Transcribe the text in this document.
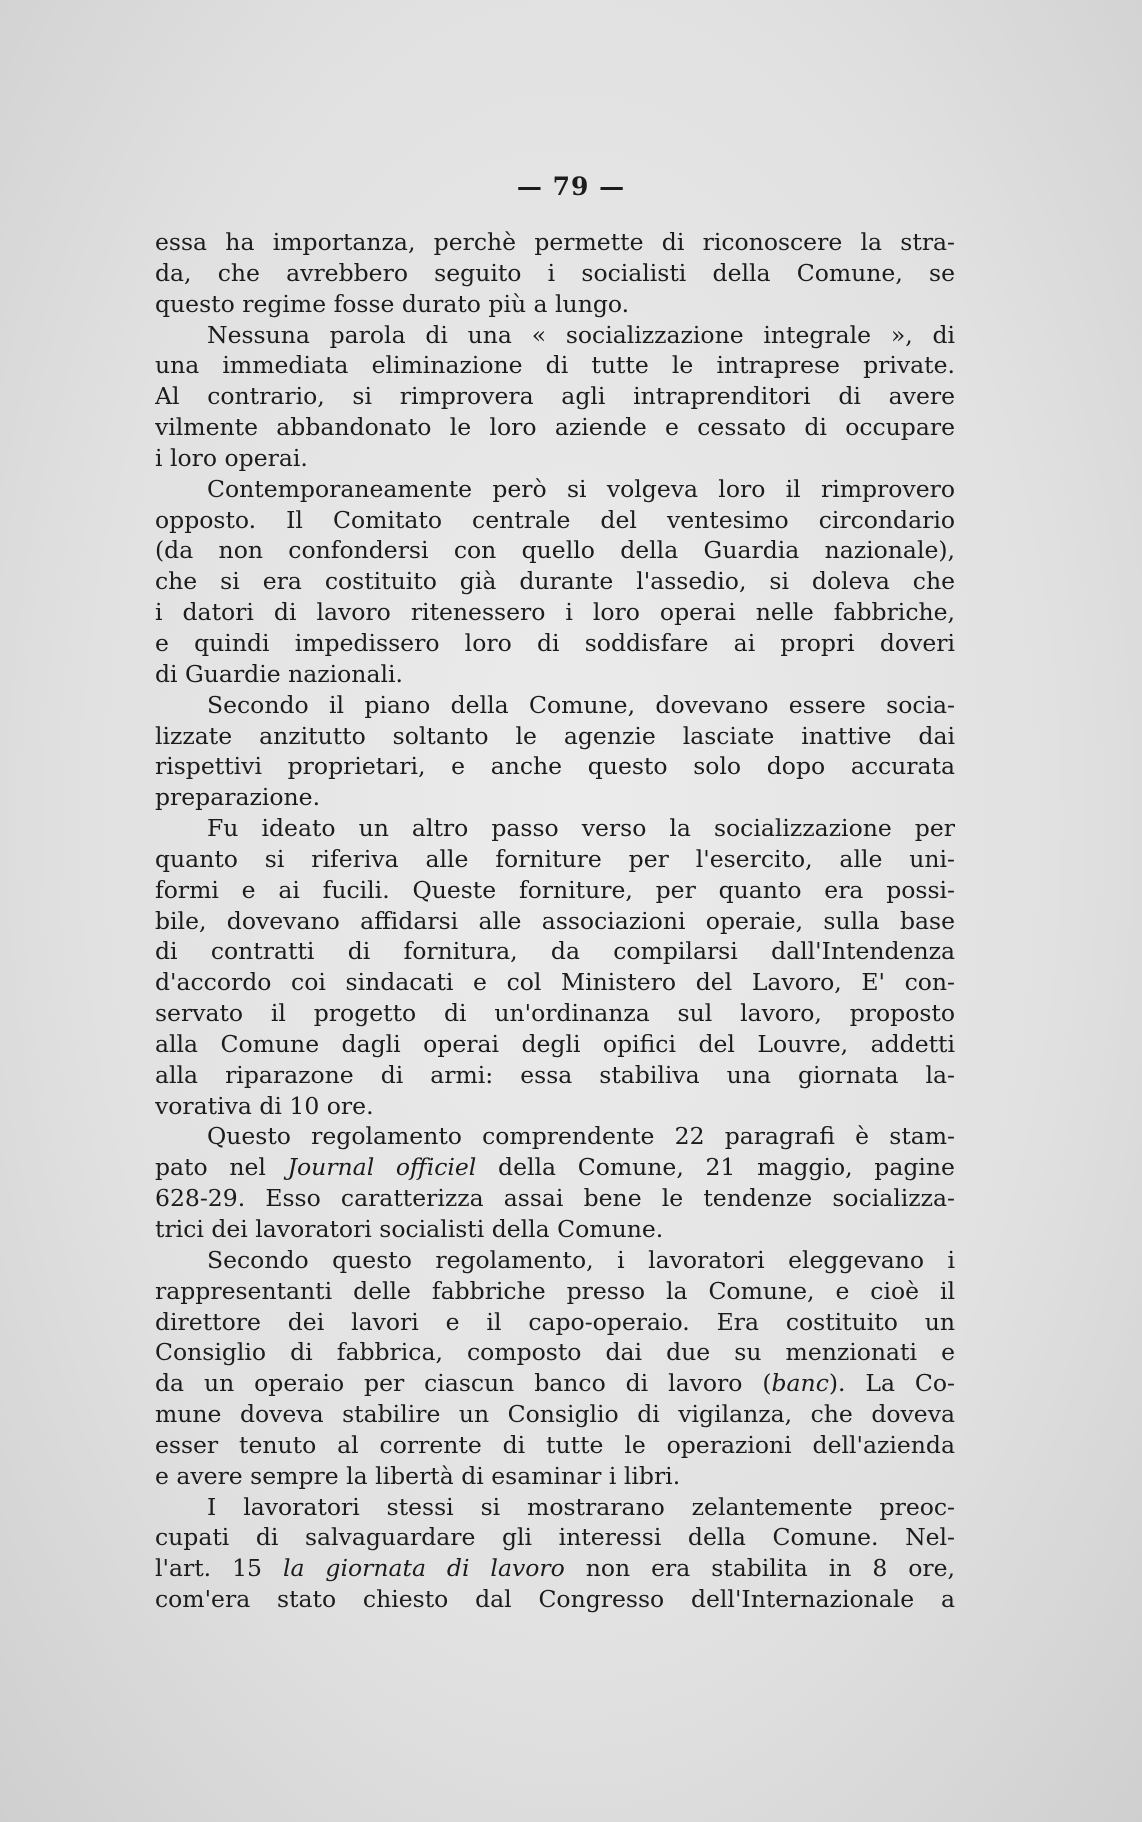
— 79 —
essa ha importanza, perchè permette di riconoscere la stra-
da, che avrebbero seguito i socialisti della Comune, se
questo regime fosse durato più a lungo.
Nessuna parola di una « socializzazione integrale », di
una immediata eliminazione di tutte le intraprese private.
Al contrario, si rimprovera agli intraprenditori di avere
vilmente abbandonato le loro aziende e cessato di occupare
i loro operai.
Contemporaneamente però si volgeva loro il rimprovero
opposto. Il Comitato centrale del ventesimo circondario
(da non confondersi con quello della Guardia nazionale),
che si era costituito già durante l'assedio, si doleva che
i datori di lavoro ritenessero i loro operai nelle fabbriche,
e quindi impedissero loro di soddisfare ai propri doveri
di Guardie nazionali.
Secondo il piano della Comune, dovevano essere socia-
lizzate anzitutto soltanto le agenzie lasciate inattive dai
rispettivi proprietari, e anche questo solo dopo accurata
preparazione.
Fu ideato un altro passo verso la socializzazione per
quanto si riferiva alle forniture per l'esercito, alle uni-
formi e ai fucili. Queste forniture, per quanto era possi-
bile, dovevano affidarsi alle associazioni operaie, sulla base
di contratti di fornitura, da compilarsi dall'Intendenza
d'accordo coi sindacati e col Ministero del Lavoro, E' con-
servato il progetto di un'ordinanza sul lavoro, proposto
alla Comune dagli operai degli opifici del Louvre, addetti
alla riparazone di armi: essa stabiliva una giornata la-
vorativa di 10 ore.
Questo regolamento comprendente 22 paragrafi è stam-
pato nel Journal officiel della Comune, 21 maggio, pagine
628-29. Esso caratterizza assai bene le tendenze socializza-
trici dei lavoratori socialisti della Comune.
Secondo questo regolamento, i lavoratori eleggevano i
rappresentanti delle fabbriche presso la Comune, e cioè il
direttore dei lavori e il capo-operaio. Era costituito un
Consiglio di fabbrica, composto dai due su menzionati e
da un operaio per ciascun banco di lavoro (banc). La Co-
mune doveva stabilire un Consiglio di vigilanza, che doveva
esser tenuto al corrente di tutte le operazioni dell'azienda
e avere sempre la libertà di esaminar i libri.
I lavoratori stessi si mostrarano zelantemente preoc-
cupati di salvaguardare gli interessi della Comune. Nel-
l'art. 15 la giornata di lavoro non era stabilita in 8 ore,
com'era stato chiesto dal Congresso dell'Internazionale a
